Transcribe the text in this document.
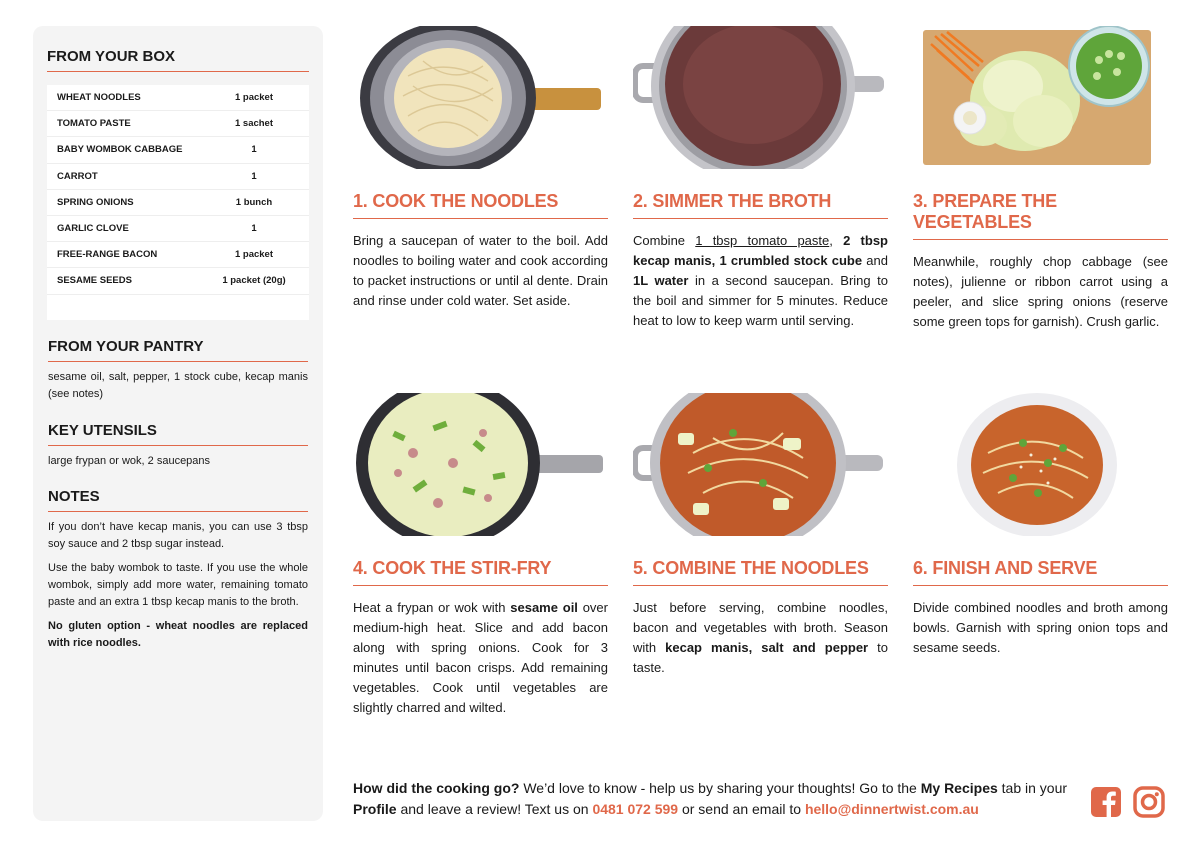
FROM YOUR BOX
WHEAT NOODLES	1 packet
TOMATO PASTE	1 sachet
BABY WOMBOK CABBAGE	1
CARROT	1
SPRING ONIONS	1 bunch
GARLIC CLOVE	1
FREE-RANGE BACON	1 packet
SESAME SEEDS	1 packet (20g)
FROM YOUR PANTRY

sesame oil, salt, pepper, 1 stock cube, kecap manis (see notes)

KEY UTENSILS

large frypan or wok, 2 saucepans

NOTES

If you don’t have kecap manis, you can use 3 tbsp soy sauce and 2 tbsp sugar instead.

Use the baby wombok to taste. If you use the whole wombok, simply add more water, remaining tomato paste and an extra 1 tbsp kecap manis to the broth.

No gluten option - wheat noodles are replaced with rice noodles.

1. COOK THE NOODLES

Bring a saucepan of water to the boil. Add noodles to boiling water and cook according to packet instructions or until al dente. Drain and rinse under cold water. Set aside.

2. SIMMER THE BROTH

Combine 1 tbsp tomato paste, 2 tbsp kecap manis, 1 crumbled stock cube and 1L water in a second saucepan. Bring to the boil and simmer for 5 minutes. Reduce heat to low to keep warm until serving.

3. PREPARE THE VEGETABLES

Meanwhile, roughly chop cabbage (see notes), julienne or ribbon carrot using a peeler, and slice spring onions (reserve some green tops for garnish). Crush garlic.

4. COOK THE STIR-FRY

Heat a frypan or wok with sesame oil over medium-high heat. Slice and add bacon along with spring onions. Cook for 3 minutes until bacon crisps. Add remaining vegetables. Cook until vegetables are slightly charred and wilted.

5. COMBINE THE NOODLES

Just before serving, combine noodles, bacon and vegetables with broth. Season with kecap manis, salt and pepper to taste.

6. FINISH AND SERVE

Divide combined noodles and broth among bowls. Garnish with spring onion tops and sesame seeds.

How did the cooking go? We’d love to know - help us by sharing your thoughts! Go to the My Recipes tab in your Profile and leave a review! Text us on 0481 072 599 or send an email to hello@dinnertwist.com.au
